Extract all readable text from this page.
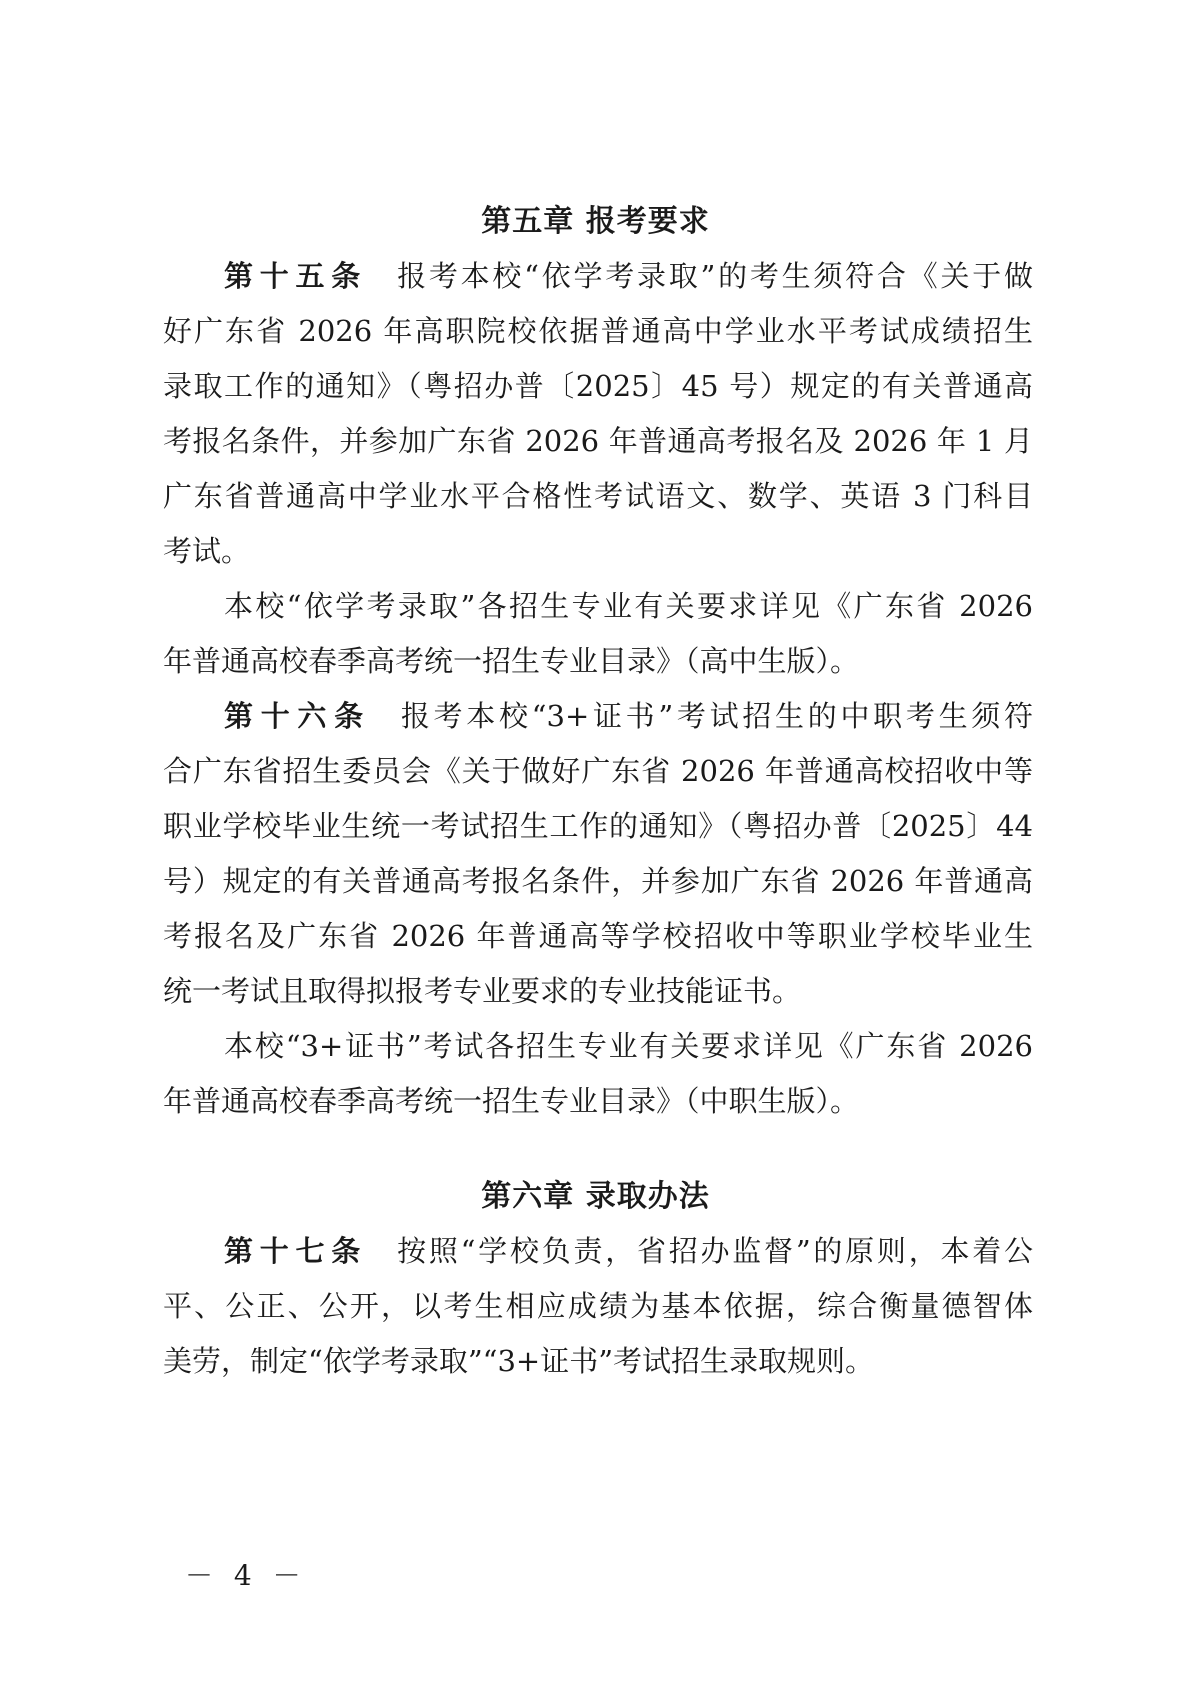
第五章 报考要求
第十五条 报考本校“依学考录取”的考生须符合《关于做
好广东省 2026 年高职院校依据普通高中学业水平考试成绩招生
录取工作的通知》（粤招办普〔2025〕45 号）规定的有关普通高
考报名条件，并参加广东省 2026 年普通高考报名及 2026 年 1 月
广东省普通高中学业水平合格性考试语文、数学、英语 3 门科目
考试。
本校“依学考录取”各招生专业有关要求详见《广东省 2026
年普通高校春季高考统一招生专业目录》（高中生版）。
第十六条 报考本校“3+证书”考试招生的中职考生须符
合广东省招生委员会《关于做好广东省 2026 年普通高校招收中等
职业学校毕业生统一考试招生工作的通知》（粤招办普〔2025〕44
号）规定的有关普通高考报名条件，并参加广东省 2026 年普通高
考报名及广东省 2026 年普通高等学校招收中等职业学校毕业生
统一考试且取得拟报考专业要求的专业技能证书。
本校“3+证书”考试各招生专业有关要求详见《广东省 2026
年普通高校春季高考统一招生专业目录》（中职生版）。
第六章 录取办法
第十七条 按照“学校负责，省招办监督”的原则，本着公
平、公正、公开，以考生相应成绩为基本依据，综合衡量德智体
美劳，制定“依学考录取”“3+证书”考试招生录取规则。
－ 4 －
